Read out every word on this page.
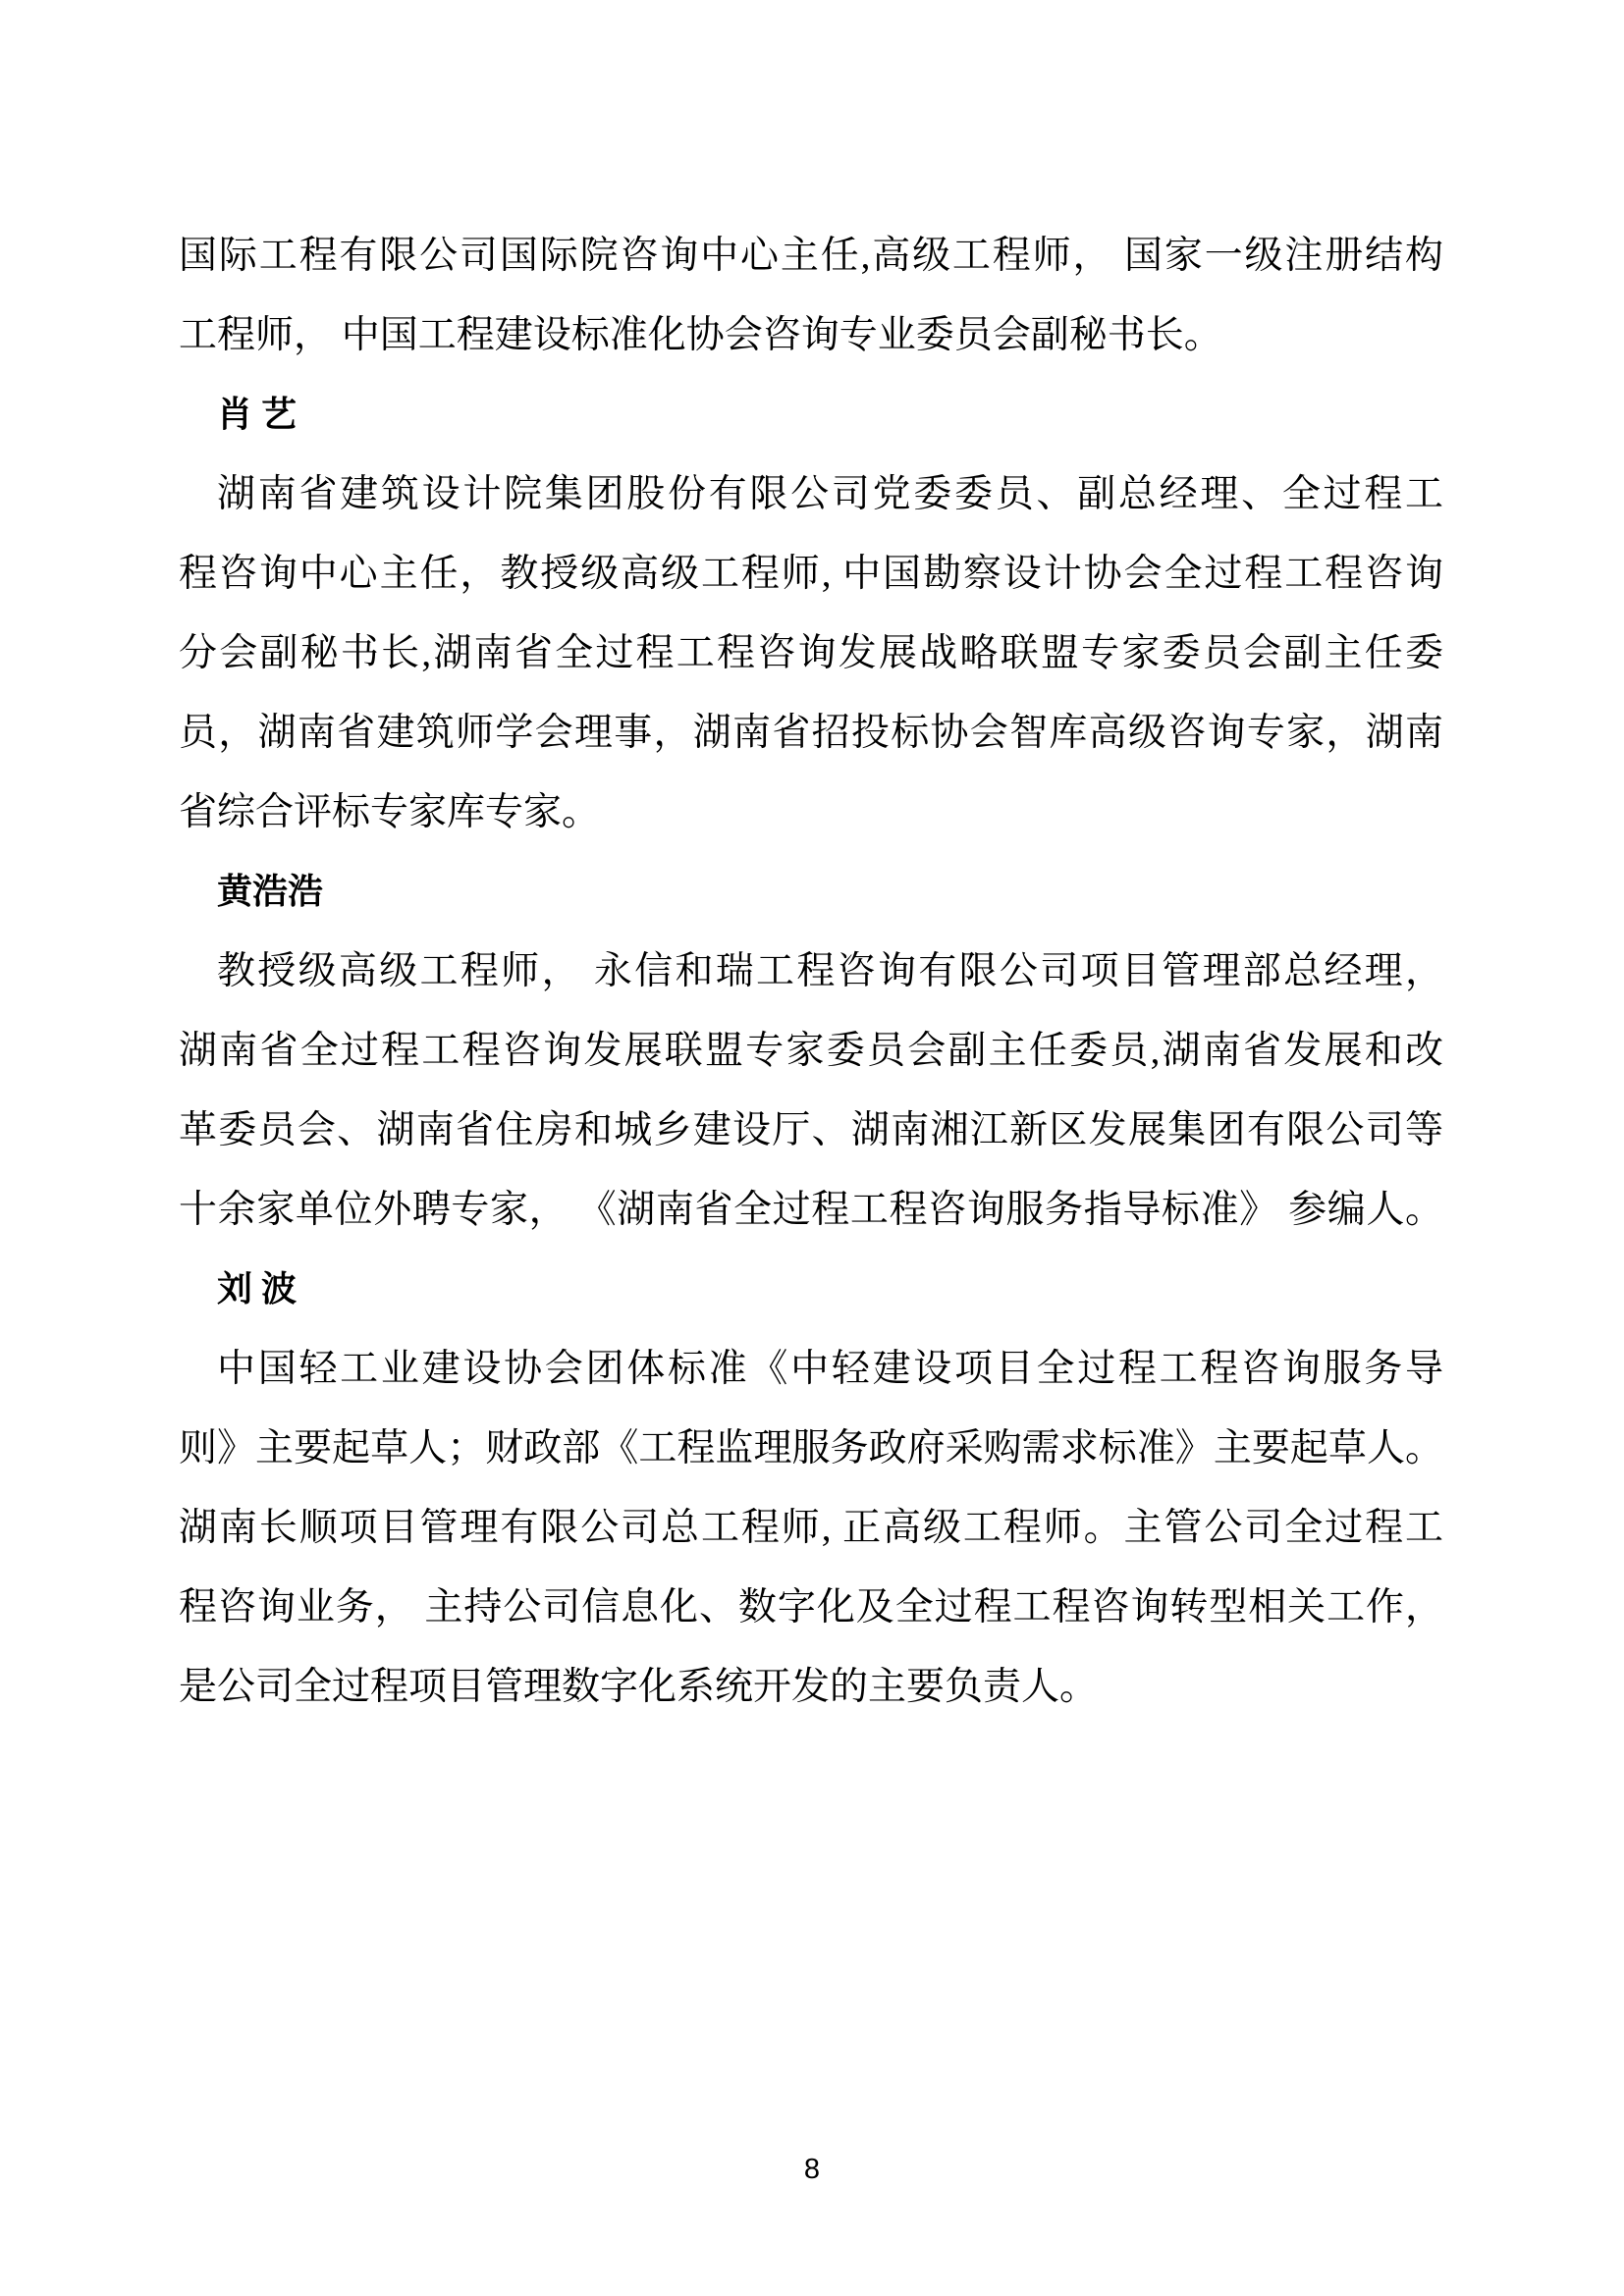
国际工程有限公司国际院咨询中心主任,高级工程师， 国家一级注册结构
工程师， 中国工程建设标准化协会咨询专业委员会副秘书长。
肖 艺
湖南省建筑设计院集团股份有限公司党委委员、副总经理、全过程工
程咨询中心主任，教授级高级工程师, 中国勘察设计协会全过程工程咨询
分会副秘书长,湖南省全过程工程咨询发展战略联盟专家委员会副主任委
员，湖南省建筑师学会理事，湖南省招投标协会智库高级咨询专家，湖南
省综合评标专家库专家。
黄浩浩
教授级高级工程师， 永信和瑞工程咨询有限公司项目管理部总经理，
湖南省全过程工程咨询发展联盟专家委员会副主任委员,湖南省发展和改
革委员会、湖南省住房和城乡建设厅、湖南湘江新区发展集团有限公司等
十余家单位外聘专家， 《湖南省全过程工程咨询服务指导标准》 参编人。
刘 波
中国轻工业建设协会团体标准《中轻建设项目全过程工程咨询服务导
则》主要起草人；财政部《工程监理服务政府采购需求标准》主要起草人。
湖南长顺项目管理有限公司总工程师, 正高级工程师。主管公司全过程工
程咨询业务， 主持公司信息化、数字化及全过程工程咨询转型相关工作，
是公司全过程项目管理数字化系统开发的主要负责人。
8
